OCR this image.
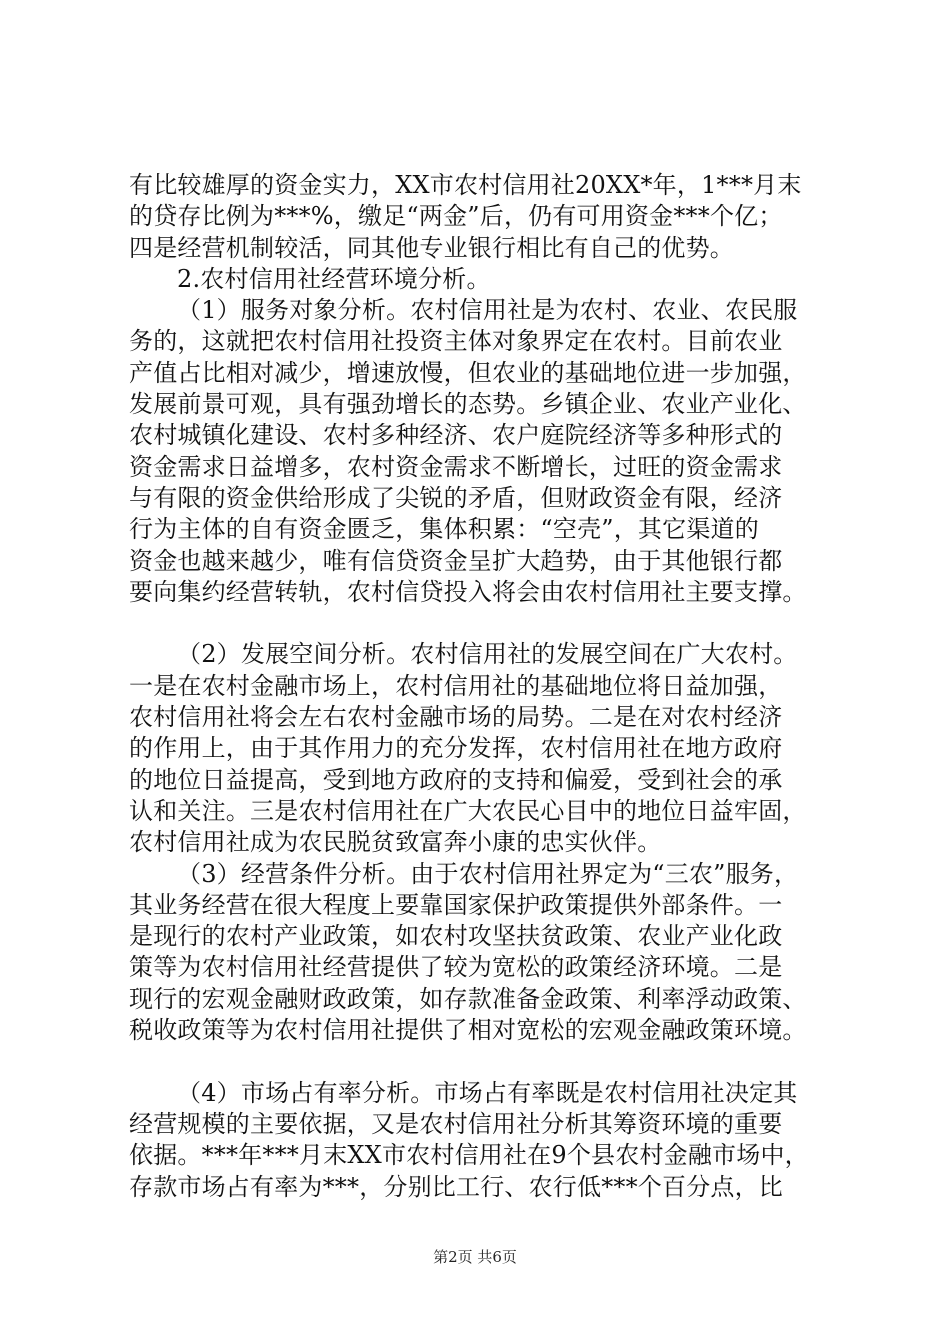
有比较雄厚的资金实力，XX市农村信用社20XX*年，1***月末
的贷存比例为***%，缴足“两金”后，仍有可用资金***个亿；
四是经营机制较活，同其他专业银行相比有自己的优势。
2.农村信用社经营环境分析。
（1）服务对象分析。农村信用社是为农村、农业、农民服
务的，这就把农村信用社投资主体对象界定在农村。目前农业
产值占比相对减少，增速放慢，但农业的基础地位进一步加强，
发展前景可观，具有强劲增长的态势。乡镇企业、农业产业化、
农村城镇化建设、农村多种经济、农户庭院经济等多种形式的
资金需求日益增多，农村资金需求不断增长，过旺的资金需求
与有限的资金供给形成了尖锐的矛盾，但财政资金有限，经济
行为主体的自有资金匮乏，集体积累：“空壳”，其它渠道的
资金也越来越少，唯有信贷资金呈扩大趋势，由于其他银行都
要向集约经营转轨，农村信贷投入将会由农村信用社主要支撑。
（2）发展空间分析。农村信用社的发展空间在广大农村。
一是在农村金融市场上，农村信用社的基础地位将日益加强，
农村信用社将会左右农村金融市场的局势。二是在对农村经济
的作用上，由于其作用力的充分发挥，农村信用社在地方政府
的地位日益提高，受到地方政府的支持和偏爱，受到社会的承
认和关注。三是农村信用社在广大农民心目中的地位日益牢固，
农村信用社成为农民脱贫致富奔小康的忠实伙伴。
（3）经营条件分析。由于农村信用社界定为“三农”服务，
其业务经营在很大程度上要靠国家保护政策提供外部条件。一
是现行的农村产业政策，如农村攻坚扶贫政策、农业产业化政
策等为农村信用社经营提供了较为宽松的政策经济环境。二是
现行的宏观金融财政政策，如存款准备金政策、利率浮动政策、
税收政策等为农村信用社提供了相对宽松的宏观金融政策环境。
（4）市场占有率分析。市场占有率既是农村信用社决定其
经营规模的主要依据，又是农村信用社分析其筹资环境的重要
依据。***年***月末XX市农村信用社在9个县农村金融市场中，
存款市场占有率为***，分别比工行、农行低***个百分点，比
第2页 共6页
